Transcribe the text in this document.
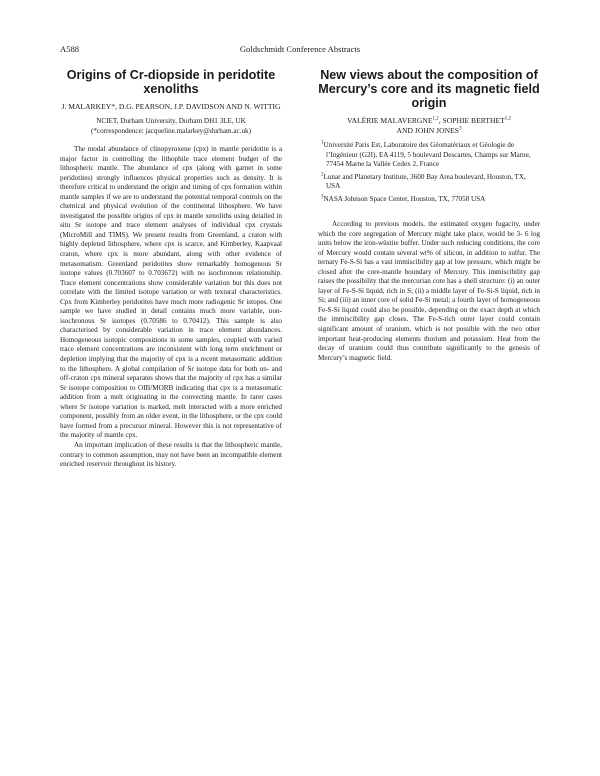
A588	Goldschmidt Conference Abstracts
Origins of Cr-diopside in peridotite xenoliths
J. MALARKEY*, D.G. PEARSON, J.P. DAVIDSON AND N. WITTIG
NCIET, Durham University, Durham DH1 3LE, UK
(*correspondence: jacqueline.malarkey@durham.ac.uk)

The modal abundance of clinopyroxene (cpx) in mantle peridotite is a major factor in controlling the lithophile trace element budget of the lithospheric mantle. The abundance of cpx (along with garnet in some peridotites) strongly influences physical properties such as density. It is therefore critical to understand the origin and timing of cpx formation within mantle samples if we are to understand the potential temporal controls on the chemical and physical evolution of the continental lithosphere. We have investigated the possible origins of cpx in mantle xenoliths using detailed in situ Sr isotope and trace element analyses of individual cpx crystals (MicroMill and TIMS). We present results from Greenland, a craton with highly depleted lithosphere, where cpx is scarce, and Kimberley, Kaapvaal craton, where cpx is more abundant, along with other evidence of metasomatism. Greenland peridotites show remarkably homogenous Sr isotope values (0.703607 to 0.703672) with no isochronous relationship. Trace element concentrations show considerable variation but this does not correlate with the limited isotope variation or with textural characteristics. Cpx from Kimberley peridotites have much more radiogenic Sr istopes. One sample we have studied in detail contains much more variable, non-isochronous Sr isotopes (0.70586 to 0.70412). This sample is also characterised by considerable variation in trace element abundances. Homogeneous isotopic compositions in some samples, coupled with varied trace element concentrations are inconsistent with long term enrichment or depletion implying that the majority of cpx is a recent metasomatic addition to the lithosphere. A global compilation of Sr isotope data for both on- and off-craton cpx mineral separates shows that the majority of cpx has a similar Sr isotope composition to OIB/MORB indicating that cpx is a metasomatic addition from a melt originating in the convecting mantle. In rarer cases where Sr isotope variation is marked, melt interacted with a more enriched component, possibly from an older event, in the lithosphere, or the cpx could have formed from a precursor mineral. However this is not representative of the majority of mantle cpx.

An important implication of these results is that the lithospheric mantle, contrary to common assumption, may not have been an incompatible element enriched reservoir throughout its history.

New views about the composition of Mercury’s core and its magnetic field origin
VALÉRIE MALAVERGNE$^{1,2}$, SOPHIE BERTHET$^{1,2}$
AND JOHN JONES$^3$
$^1$Université Paris Est, Laboratoire des Géomatériaux et Géologie de l’Ingénieur (G2I), EA 4119, 5 boulevard Descartes, Champs sur Marne, 77454 Marne la Vallée Cedex 2, France
$^2$Lunar and Planetary Institute, 3600 Bay Area boulevard, Houston, TX, USA
$^3$NASA Johnson Space Center, Houston, TX, 77058 USA

According to previous models, the estimated oxygen fugacity, under which the core segregation of Mercury might take place, would be 3- 6 log units below the iron-wüstite buffer. Under such reducing conditions, the core of Mercury would contain several wt% of silicon, in addition to sulfur. The ternary Fe-S-Si has a vast immiscibility gap at low pressure, which might be closed after the core-mantle boundary of Mercury. This immiscibility gap raises the possibility that the mercurian core has a shell structure: (i) an outer layer of Fe-S-Si liquid, rich in S; (ii) a middle layer of Fe-Si-S liquid, rich in Si; and (iii) an inner core of solid Fe-Si metal; a fourth layer of homogeneous Fe-S-Si liquid could also be possible, depending on the exact depth at which the immiscibility gap closes. The Fe-S-rich outer layer could contain significant amount of uranium, which is not possible with the two other important heat-producing elements thorium and potassium. Heat from the decay of uranium could thus contribute significantly to the genesis of Mercury’s magnetic field.
